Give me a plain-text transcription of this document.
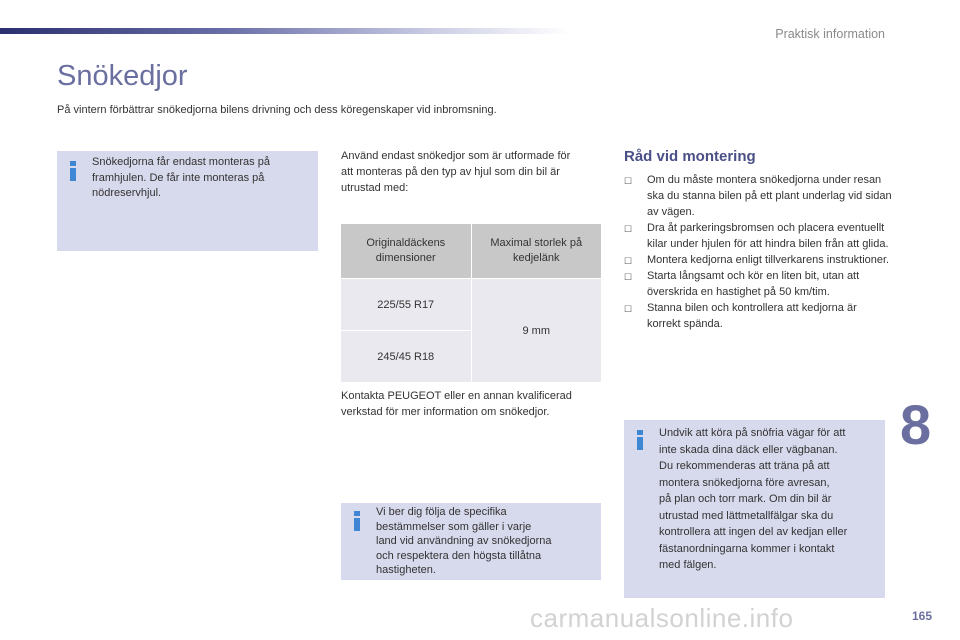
Praktisk information
Snökedjor
På vintern förbättrar snökedjorna bilens drivning och dess köregenskaper vid inbromsning.
Snökedjorna får endast monteras på
framhjulen. De får inte monteras på
nödreservhjul.
Använd endast snökedjor som är utformade för
att monteras på den typ av hjul som din bil är
utrustad med:
Originaldäckens dimensioner	Maximal storlek på kedjelänk
225/55 R17	9 mm
245/45 R18	
Kontakta PEUGEOT eller en annan kvalificerad
verkstad för mer information om snökedjor.
Vi ber dig följa de specifika
bestämmelser som gäller i varje
land vid användning av snökedjorna
och respektera den högsta tillåtna
hastigheten.
Råd vid montering
☐ Om du måste montera snökedjorna under resan ska du stanna bilen på ett plant underlag vid sidan av vägen.
☐ Dra åt parkeringsbromsen och placera eventuellt kilar under hjulen för att hindra bilen från att glida.
☐ Montera kedjorna enligt tillverkarens instruktioner.
☐ Starta långsamt och kör en liten bit, utan att överskrida en hastighet på 50 km/tim.
☐ Stanna bilen och kontrollera att kedjorna är korrekt spända.
Undvik att köra på snöfria vägar för att
inte skada dina däck eller vägbanan.
Du rekommenderas att träna på att
montera snökedjorna före avresan,
på plan och torr mark. Om din bil är
utrustad med lättmetallfälgar ska du
kontrollera att ingen del av kedjan eller
fästanordningarna kommer i kontakt
med fälgen.
8
carmanualsonline.info	165
